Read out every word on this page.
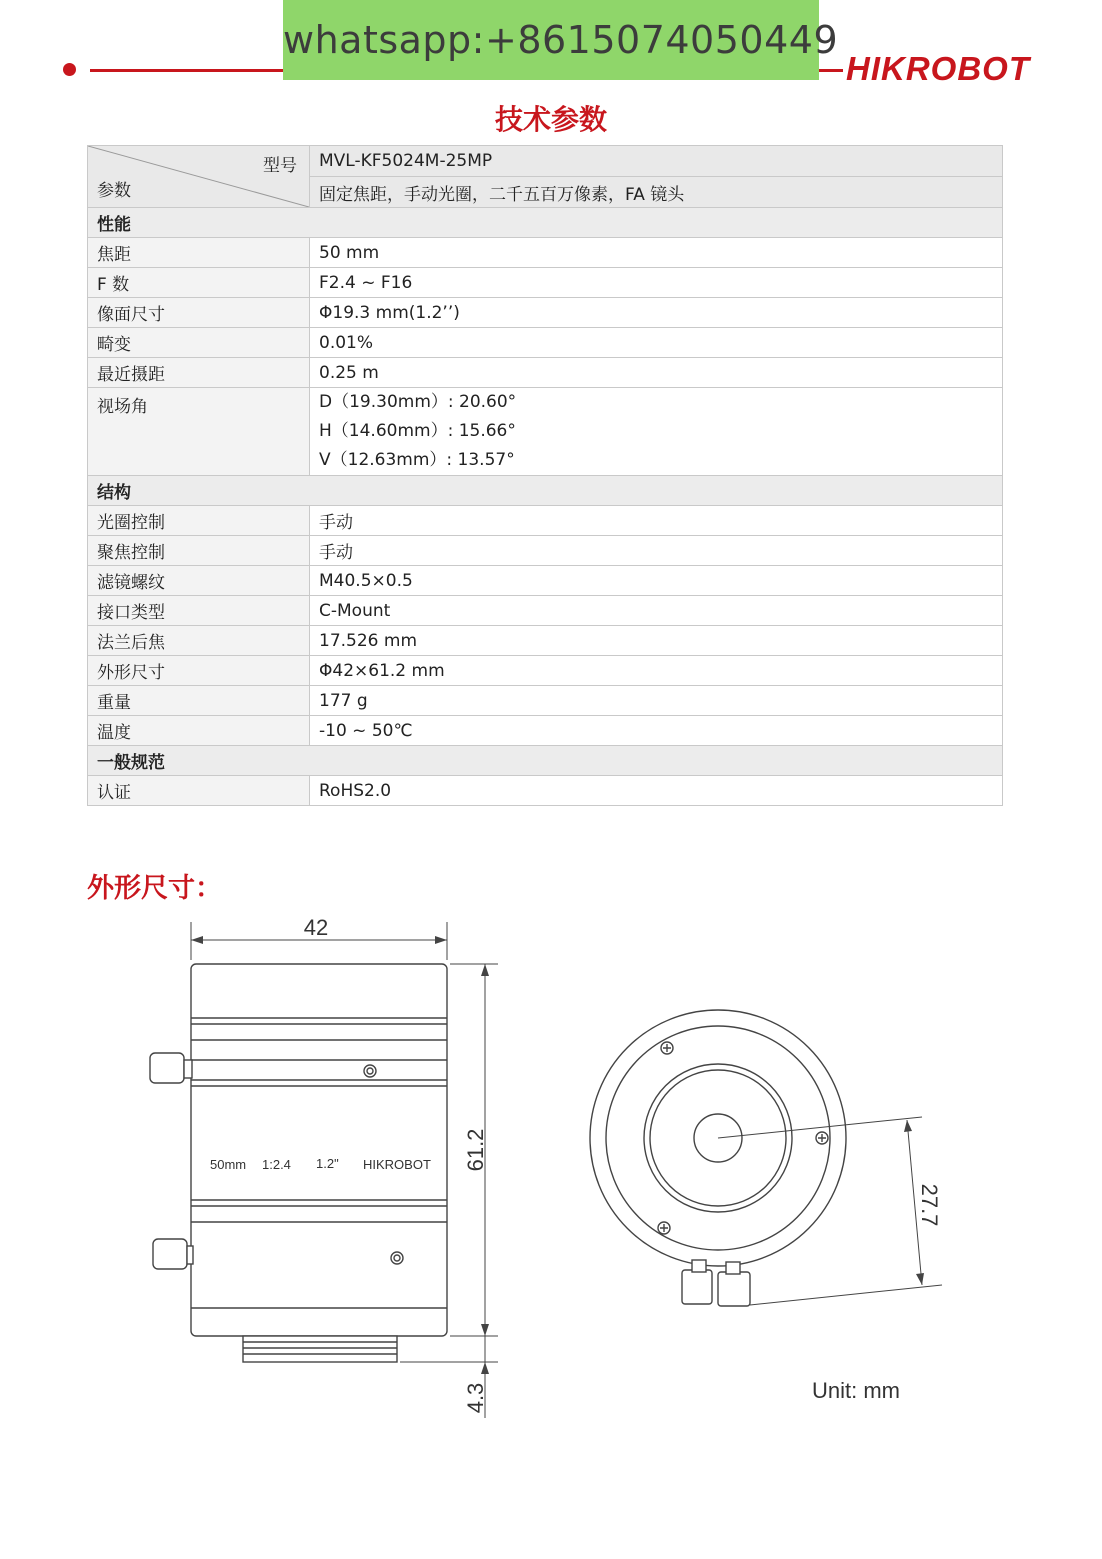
whatsapp:+8615074050449
HIKROBOT
技术参数
型号
参数	MVL-KF5024M-25MP
	固定焦距，手动光圈，二千五百万像素，FA 镜头
性能	
焦距	50 mm
F 数	F2.4 ~ F16
像面尺寸	Φ19.3 mm(1.2’’)
畸变	0.01%
最近摄距	0.25 m
视场角	D（19.30mm）: 20.60°
H（14.60mm）: 15.66°
V（12.63mm）: 13.57°

结构	
光圈控制	手动
聚焦控制	手动
滤镜螺纹	M40.5×0.5
接口类型	C-Mount
法兰后焦	17.526 mm
外形尺寸	Φ42×61.2 mm
重量	177 g
温度	-10 ~ 50℃
一般规范	
认证	RoHS2.0
外形尺寸：
42
50mm 1:2.4 1.2" HIKROBOT 61.2
4.3
27.7
Unit: mm
